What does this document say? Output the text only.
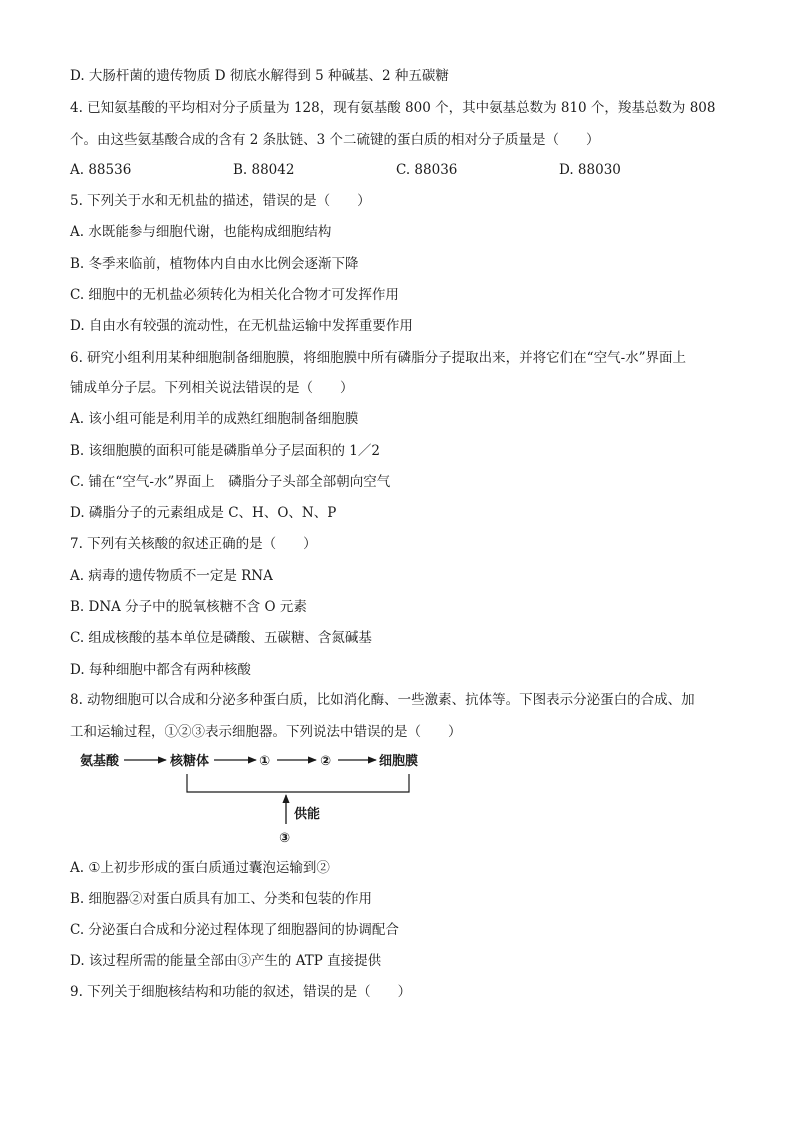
D. 大肠杆菌的遗传物质 D 彻底水解得到 5 种碱基、2 种五碳糖
4. 已知氨基酸的平均相对分子质量为 128，现有氨基酸 800 个，其中氨基总数为 810 个，羧基总数为 808
个。由这些氨基酸合成的含有 2 条肽链、3 个二硫键的蛋白质的相对分子质量是（　　）
A. 88536	B. 88042	C. 88036	D. 88030
5. 下列关于水和无机盐的描述，错误的是（　　）
A. 水既能参与细胞代谢，也能构成细胞结构
B. 冬季来临前，植物体内自由水比例会逐渐下降
C. 细胞中的无机盐必须转化为相关化合物才可发挥作用
D. 自由水有较强的流动性，在无机盐运输中发挥重要作用
6. 研究小组利用某种细胞制备细胞膜，将细胞膜中所有磷脂分子提取出来，并将它们在“空气-水”界面上
铺成单分子层。下列相关说法错误的是（　　）
A. 该小组可能是利用羊的成熟红细胞制备细胞膜
B. 该细胞膜的面积可能是磷脂单分子层面积的 1／2
C. 铺在“空气-水”界面上　磷脂分子头部全部朝向空气
D. 磷脂分子的元素组成是 C、H、O、N、P
7. 下列有关核酸的叙述正确的是（　　）
A. 病毒的遗传物质不一定是 RNA
B. DNA 分子中的脱氧核糖不含 O 元素
C. 组成核酸的基本单位是磷酸、五碳糖、含氮碱基
D. 每种细胞中都含有两种核酸
8. 动物细胞可以合成和分泌多种蛋白质，比如消化酶、一些激素、抗体等。下图表示分泌蛋白的合成、加
工和运输过程，①②③表示细胞器。下列说法中错误的是（　　）
氨基酸	核糖体	①	②	细胞膜
供能
③
A. ①上初步形成的蛋白质通过囊泡运输到②
B. 细胞器②对蛋白质具有加工、分类和包装的作用
C. 分泌蛋白合成和分泌过程体现了细胞器间的协调配合
D. 该过程所需的能量全部由③产生的 ATP 直接提供
9. 下列关于细胞核结构和功能的叙述，错误的是（　　）
